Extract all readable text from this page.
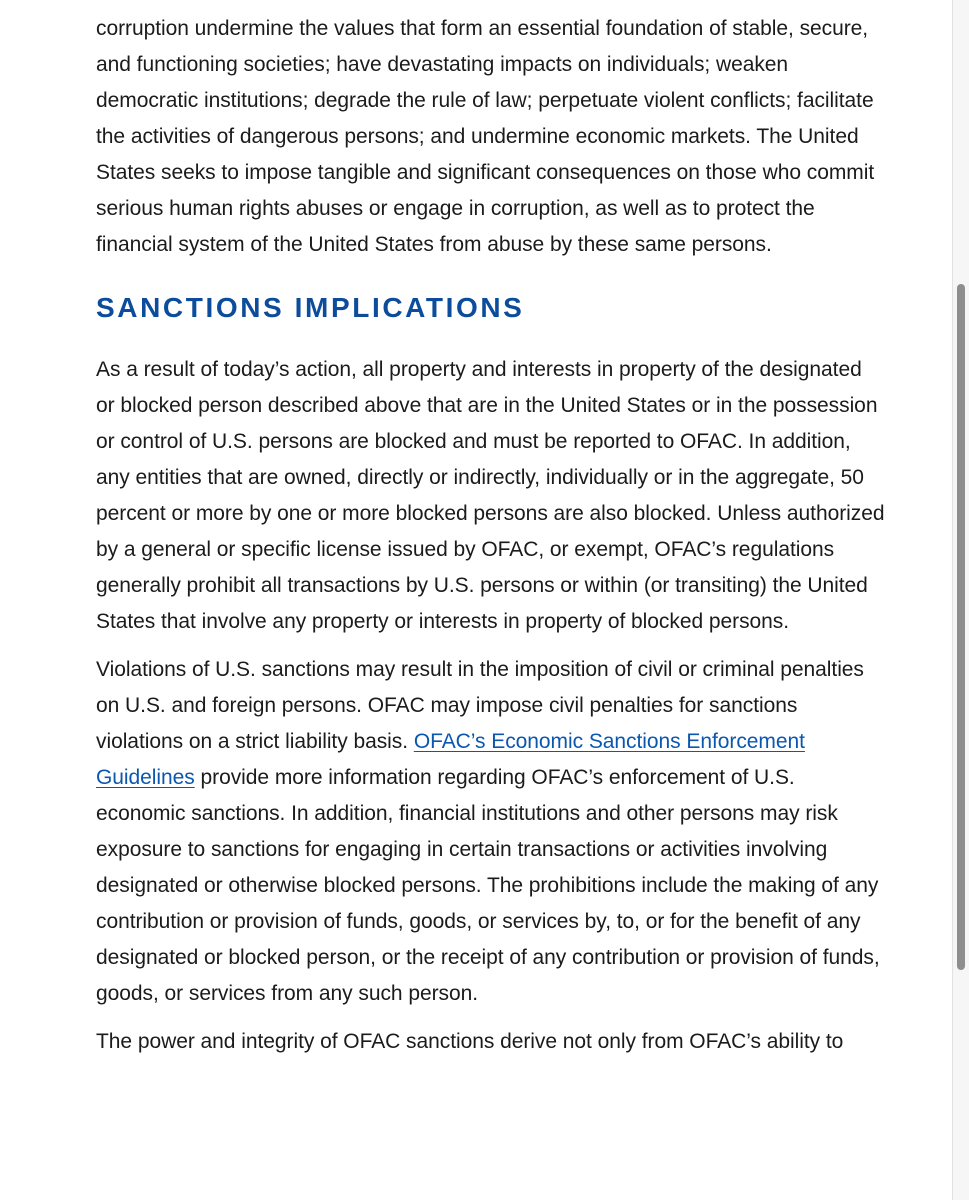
corruption undermine the values that form an essential foundation of stable, secure, and functioning societies; have devastating impacts on individuals; weaken democratic institutions; degrade the rule of law; perpetuate violent conflicts; facilitate the activities of dangerous persons; and undermine economic markets. The United States seeks to impose tangible and significant consequences on those who commit serious human rights abuses or engage in corruption, as well as to protect the financial system of the United States from abuse by these same persons.

SANCTIONS IMPLICATIONS

As a result of today’s action, all property and interests in property of the designated or blocked person described above that are in the United States or in the possession or control of U.S. persons are blocked and must be reported to OFAC. In addition, any entities that are owned, directly or indirectly, individually or in the aggregate, 50 percent or more by one or more blocked persons are also blocked. Unless authorized by a general or specific license issued by OFAC, or exempt, OFAC’s regulations generally prohibit all transactions by U.S. persons or within (or transiting) the United States that involve any property or interests in property of blocked persons.

Violations of U.S. sanctions may result in the imposition of civil or criminal penalties on U.S. and foreign persons. OFAC may impose civil penalties for sanctions violations on a strict liability basis. OFAC’s Economic Sanctions Enforcement Guidelines provide more information regarding OFAC’s enforcement of U.S. economic sanctions. In addition, financial institutions and other persons may risk exposure to sanctions for engaging in certain transactions or activities involving designated or otherwise blocked persons. The prohibitions include the making of any contribution or provision of funds, goods, or services by, to, or for the benefit of any designated or blocked person, or the receipt of any contribution or provision of funds, goods, or services from any such person.

The power and integrity of OFAC sanctions derive not only from OFAC’s ability to
